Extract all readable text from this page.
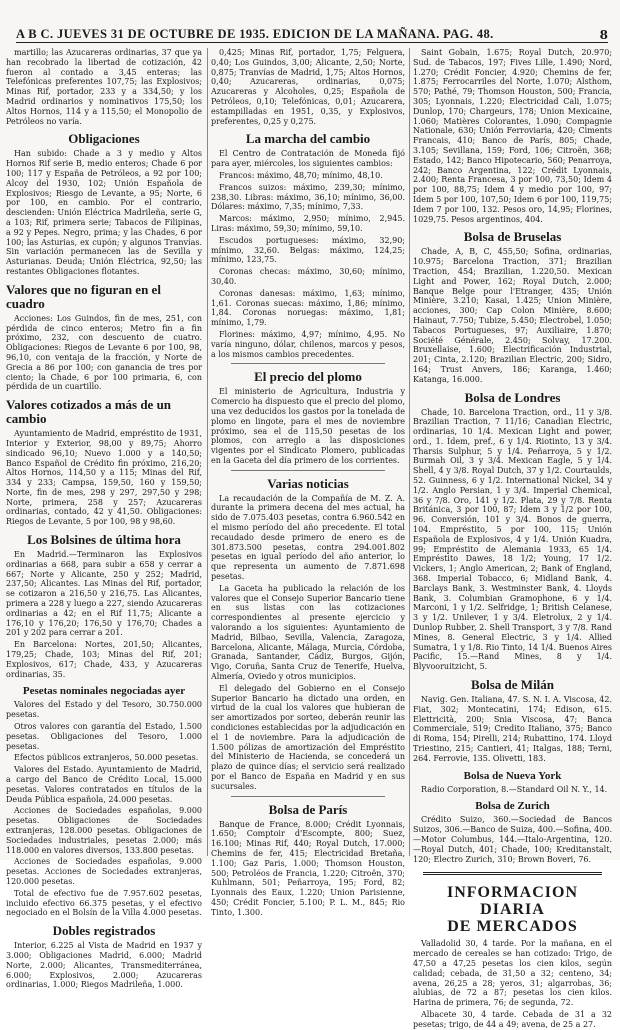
A B C. JUEVES 31 DE OCTUBRE DE 1935. EDICION DE LA MAÑANA. PAG. 48.	8

martillo; las Azucareras ordinarias, 37 que ya han recobrado la libertad de cotización, 42 fueron al contado a 3,45 enteras; las Telefónicas preferentes 107,75; las Explosivos; Minas Rif, portador, 233 y a 334,50; y los Madrid ordinarios y nominativos 175,50; los Altos Hornos, 114 y a 115,50; el Monopolio de Petróleos no varía.

Obligaciones

Han subido: Chade a 3 y medio y Altos Hornos Rif serie B, medio enteros; Chade 6 por 100; 117 y España de Petróleos, a 92 por 100; Alcoy del 1930, 102; Unión Española de Explosivos; Riesgo de Levante, a 95; Norte, 6 por 100, en cambio. Por el contrario, descienden: Unión Eléctrica Madrileña, serie G, a 103; Rif, primera serie; Tabacos de Filipinas, a 92 y Pepes. Negro, prima; y las Chades, 6 por 100; las Asturias, ex cupón; y algunos Tranvías. Sin variación permanecen las de Sevilla y Asturianas. Deuda; Unión Eléctrica, 92,50; las restantes Obligaciones flotantes.

Valores que no figuran en el cuadro

Acciones: Los Guindos, fin de mes, 251, con pérdida de cinco enteros; Metro fin a fin próximo, 232, con descuento de cuatro. Obligaciones: Riegos de Levante 6 por 100, 98, 96,10, con ventaja de la fracción, y Norte de Grecia a 86 por 100; con ganancia de tres por ciento; la Chade, 6 por 100 primaria, 6, con pérdida de un cuartillo.

Valores cotizados a más de un cambio

Ayuntamiento de Madrid, empréstito de 1931, Interior y Exterior, 98,00 y 89,75; Ahorro sindicado 96,10; Nuevo 1.000 y a 140,50; Banco Español de Crédito fin próximo, 216,20; Altos Hornos, 114,50 y a 115; Minas del Rif, 334 y 233; Campsa, 159,50, 160 y 159,50; Norte, fin de mes, 298 y 297, 297,50 y 298; Norte, primera, 258 y 257; Azucareras ordinarias, contado, 42 y 41,50. Obligaciones: Riegos de Levante, 5 por 100, 98 y 98,60.

Los Bolsines de última hora

En Madrid.—Terminaron las Explosivos ordinarias a 668, para subir a 658 y cerrar a 667; Norte y Alicante, 250 y 252; Madrid, 237,50; Alicantes. Las Minas del Rif, portador, se cotizaron a 216,50 y 216,75. Las Alicantes, primera a 228 y luego a 227, siendo Azucareras ordinarias a 42; en el Rif 11,75; Alicante a 176,10 y 176,20; 176,50 y 176,70; Chades a 201 y 202 para cerrar a 201.

En Barcelona: Nortes, 201,50; Alicantes, 179,25; Chade, 103; Minas del Rif, 201; Explosivos, 617; Chade, 433, y Azucareras ordinarias, 35.

Pesetas nominales negociadas ayer

Valores del Estado y del Tesoro, 30.750.000 pesetas.

Otros valores con garantía del Estado, 1.500 pesetas. Obligaciones del Tesoro, 1.000 pesetas.

Efectos públicos extranjeros, 50.000 pesetas.

Valores del Estado. Ayuntamiento de Madrid, a cargo del Banco de Crédito Local, 15.000 pesetas. Valores contratados en títulos de la Deuda Pública española, 24.000 pesetas.

Acciones de Sociedades españolas, 9.000 pesetas. Obligaciones de Sociedades extranjeras, 128.000 pesetas. Obligaciones de Sociedades industriales, pesetas 2.000; más 118.000 en valores diversos, 133.800 pesetas.

Acciones de Sociedades españolas, 9.000 pesetas. Acciones de Sociedades extranjeras, 120.000 pesetas.

Total de efectivo fue de 7.957.602 pesetas, incluido efectivo 66.375 pesetas, y el efectivo negociado en el Bolsín de la Villa 4.000 pesetas.

Dobles registrados

Interior, 6.225 al Vista de Madrid en 1937 y 3.000; Obligaciones Madrid, 6.000; Madrid Norte, 2.000; Alicantes, Transmediterránea, 6.000; Explosivos, 2.000; Azucareras ordinarias, 1.000; Riegos Madrileña, 1.000.

0,425; Minas Rif, portador, 1,75; Felguera, 0,40; Los Guindos, 3,00; Alicante, 2,50; Norte, 0,875; Tranvías de Madrid, 1,75; Altos Hornos, 0,40; Azucareras, ordinarias, 0,075; Azucareras y Alcoholes, 0,25; Española de Petróleos, 0,10; Telefónicas, 0,01; Azucarera, estampilladas en 1951, 0,35, y Explosivos, preferentes, 0,25 y 0,275.

La marcha del cambio

El Centro de Contratación de Moneda fijó para ayer, miércoles, los siguientes cambios:

Francos: máximo, 48,70; mínimo, 48,10.

Francos suizos: máximo, 239,30; mínimo, 238,30. Libras: máximo, 36,10; mínimo, 36,00. Dólares: máximo, 7,35; mínimo, 7,33.

Marcos: máximo, 2,950; mínimo, 2,945. Liras: máximo, 59,30; mínimo, 59,10.

Escudos portugueses: máximo, 32,90; mínimo, 32,60. Belgas: máximo, 124,25; mínimo, 123,75.

Coronas checas: máximo, 30,60; mínimo, 30,40.

Coronas danesas: máximo, 1,63; mínimo, 1,61. Coronas suecas: máximo, 1,86; mínimo, 1,84. Coronas noruegas: máximo, 1,81; mínimo, 1,79.

Florines: máximo, 4,97; mínimo, 4,95. No varía ninguno, dólar, chilenos, marcos y pesos, a los mismos cambios precedentes.

El precio del plomo

El ministerio de Agricultura, Industria y Comercio ha dispuesto que el precio del plomo, una vez deducidos los gastos por la tonelada de plomo en lingote, para el mes de noviembre próximo, sea el de 115,50 pesetas de los plomos, con arreglo a las disposiciones vigentes por el Sindicato Plomero, publicadas en la Gaceta del día primero de los corrientes.

Varias noticias

La recaudación de la Compañía de M. Z. A. durante la primera decena del mes actual, ha sido de 7.075.403 pesetas, contra 6.960.542 en el mismo período del año precedente. El total recaudado desde primero de enero es de 301.873.500 pesetas, contra 294.001.802 pesetas en igual período del año anterior, lo que representa un aumento de 7.871.698 pesetas.

La Gaceta ha publicado la relación de los valores que el Consejo Superior Bancario tiene en sus listas con las cotizaciones correspondientes al presente ejercicio y valorando a los siguientes: Ayuntamiento de Madrid, Bilbao, Sevilla, Valencia, Zaragoza, Barcelona, Alicante, Málaga, Murcia, Córdoba, Granada, Santander, Cádiz, Burgos, Gijón, Vigo, Coruña, Santa Cruz de Tenerife, Huelva, Almería, Oviedo y otros municipios.

El delegado del Gobierno en el Consejo Superior Bancario ha dictado una orden, en virtud de la cual los valores que hubieran de ser amortizados por sorteo, deberán reunir las condiciones establecidas por la adjudicación en el 1 de noviembre. Para la adjudicación de 1.500 pólizas de amortización del Empréstito del Ministerio de Hacienda, se concederá un plazo de quince días; el servicio será realizado por el Banco de España en Madrid y en sus sucursales.

Bolsa de París

Banque de France, 8.000; Crédit Lyonnais, 1.650; Comptoir d'Escompte, 800; Suez, 16.100; Minas Rif, 440; Royal Dutch, 17.000; Chemins de fer, 415; Electricidad Bretaña, 1.100; Gaz Paris, 1.000; Thomson Houston, 500; Petroléos de Francia, 1.220; Citroën, 370; Kuhlmann, 501; Peñarroya, 195; Ford, 82; Lyonnais des Eaux, 1.220; Union Parisienne, 450; Crédit Foncier, 5.100; P. L. M., 845; Rio Tinto, 1.300.

Saint Gobain, 1.675; Royal Dutch, 20.970; Sud. de Tabacos, 197; Fives Lille, 1.490; Nord, 1.270; Crédit Foncier, 4.920; Chemins de fer, 1.875; Ferrocarriles del Norte, 1.070; Alsthom, 570; Pathé, 79; Thomson Houston, 500; Francia, 305; Lyonnais, 1.220; Electricidad Cali, 1.075; Dunlop, 170; Chargeurs, 178; Union Mexicaine, 1.060; Matières Colorantes, 1.090; Compagnie Nationale, 630; Unión Ferroviaria, 420; Ciments Francais, 410; Banco de París, 805; Chade, 3.105; Sevillana, 159; Ford, 106; Citroën, 368; Estado, 142; Banco Hipotecario, 560; Penarroya, 242; Banco Argentina, 122; Crédit Lyonnais, 2.400; Renta Francesa, 3 por 100, 73,50; Idem 4 por 100, 88,75; Idem 4 y medio por 100, 97; Idem 5 por 100, 107,50; Idem 6 por 100, 119,75; Idem 7 por 100, 132. Pesos oro, 14,95; Florines, 1029,75. Pesos argentinos, 404.

Bolsa de Bruselas

Chade, A, B, C, 455,50; Sofina, ordinarias, 10.975; Barcelona Traction, 371; Brazilian Traction, 454; Brazilian, 1.220,50. Mexican Light and Power, 162; Royal Dutch, 2.000; Banque Belge pour l'Etranger, 435; Unión Minière, 3.210; Kasai, 1.425; Union Minière, acciones, 300; Cap Colon Minière, 8.600; Hainaut, 7.750; Tubize, 5.450; Electrobel, 1.050; Tabacos Portugueses, 97; Auxiliaire, 1.870; Société Générale, 2.450; Solvay, 17.200. Bruxellaise, 1.600; Electrificación Industrial, 201; Cinta, 2.120; Brazilian Electric, 200; Sidro, 164; Trust Anvers, 186; Karanga, 1.460; Katanga, 16.000.

Bolsa de Londres

Chade, 10. Barcelona Traction, ord., 11 y 3/8. Brazilian Traction, 7 11/16; Canadian Electric, ordinarias, 10 1/4. Mexican Light and power, ord., 1. Ídem, pref., 6 y 1/4. Riotinto, 13 y 3/4. Tharsis Sulphur, 5 y 1/4. Peñarroya, 5 y 1/2. Burmah Oil, 3 y 3/4. Mexican Eagle, 5 y 1/4. Shell, 4 y 3/8. Royal Dutch, 37 y 1/2. Courtaulds, 52. Guinness, 6 y 1/2. International Nickel, 34 y 1/2. Anglo Persian, 1 y 3/4. Imperial Chemical, 36 y 7/8. Oro, 141 y 1/2. Plata, 29 y 7/8. Renta Británica, 3 por 100, 87; Idem 3 y 1/2 por 100, 96. Conversión, 101 y 3/4. Bonos de guerra, 104. Empréstito, 5 por 100, 115; Unión Española de Explosivos, 4 y 1/4. Unión Kuadra, 99; Empréstito de Alemania 1933, 65 1/4. Empréstito Dawes, 18 1/2; Young, 17 1/2. Vickers, 1; Anglo American, 2; Bank of England, 368. Imperial Tobacco, 6; Midland Bank, 4. Barclays Bank, 3. Westminster Bank, 4. Lloyds Bank, 3. Columbian Gramophone, 6 y 1/4. Marconi, 1 y 1/2. Selfridge, 1; British Celanese, 3 y 1/2. Unilever, 1 y 3/4. Eletrolux, 2 y 1/4. Dunlop Rubber, 2. Shell Transport, 3 y 7/8. Rand Mines, 8. General Electric, 3 y 1/4. Allied Sumatra, 1 y 1/8. Rio Tinto, 14 1/4. Buenos Aires Pacific, 15.—Rand Mines, 8 y 1/4. Blyvooruitzicht, 5.

Bolsa de Milán

Navig. Gen. Italiana, 47. S. N. I. A. Viscosa, 42. Fiat, 302; Montecatini, 174; Edison, 615. Elettricità, 200; Snia Viscosa, 47; Banca Commerciale, 519; Credito Italiano, 375; Banco di Roma, 154; Pirelli, 214; Rubattino, 174. Lloyd Triestino, 215; Cantieri, 41; Italgas, 188; Terni, 264. Ferrovie, 135. Olivetti, 183.

Bolsa de Nueva York

Radio Corporation, 8.—Standard Oil N. Y., 14.

Bolsa de Zurich

Crédito Suizo, 360.—Sociedad de Bancos Suizos, 306.—Banco de Suiza, 400.—Sofina, 400.—Motor Columbus, 144.—Italo-Argentina, 120.—Royal Dutch, 401; Chade, 100; Kreditanstalt, 120; Electro Zurich, 310; Brown Boveri, 76.

INFORMACION DIARIA
DE MERCADOS

Valladolid 30, 4 tarde. Por la mañana, en el mercado de cereales se han cotizado: Trigo, de 47,50 a 47,25 pesetas los cien kilos, según calidad; cebada, de 31,50 a 32; centeno, 34; avena, 26,25 a 28; yeros, 31; algarrobas, 36; alubias, de 72 a 87; pesetas los cien kilos. Harina de primera, 76; de segunda, 72.

Albacete 30, 4 tarde. Cebada de 31 a 32 pesetas; trigo, de 44 a 49; avena, de 25 a 27.
